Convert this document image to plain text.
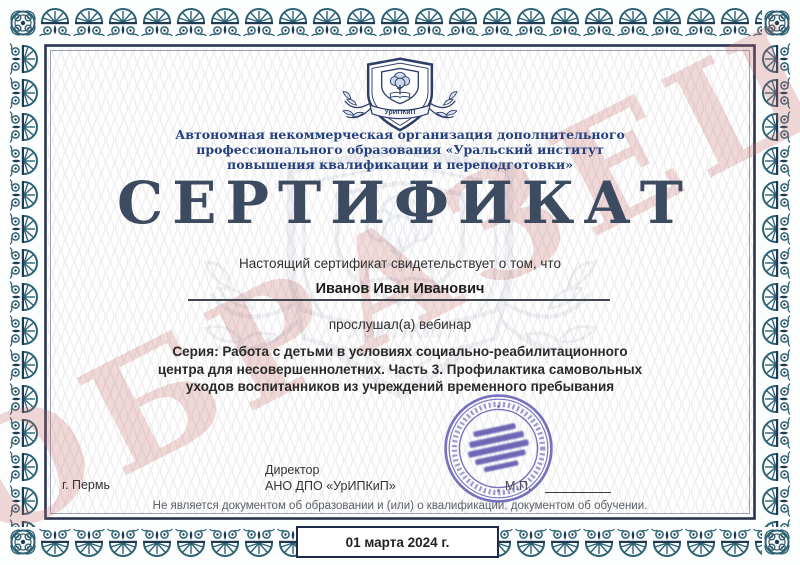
Автономная некоммерческая организация дополнительного
профессионального образования «Уральский институт
повышения квалификации и переподготовки»
СЕРТИФИКАТ
Настоящий сертификат свидетельствует о том, что
Иванов Иван Иванович
прослушал(а) вебинар
Серия: Работа с детьми в условиях социально-реабилитационного
центра для несовершеннолетних. Часть 3. Профилактика самовольных
уходов воспитанников из учреждений временного пребывания
Директор
АНО ДПО «УрИПКиП»
г. Пермь	М.П.
Не является документом об образовании и (или) о квалификации, документом об обучении.
01 марта 2024 г.
